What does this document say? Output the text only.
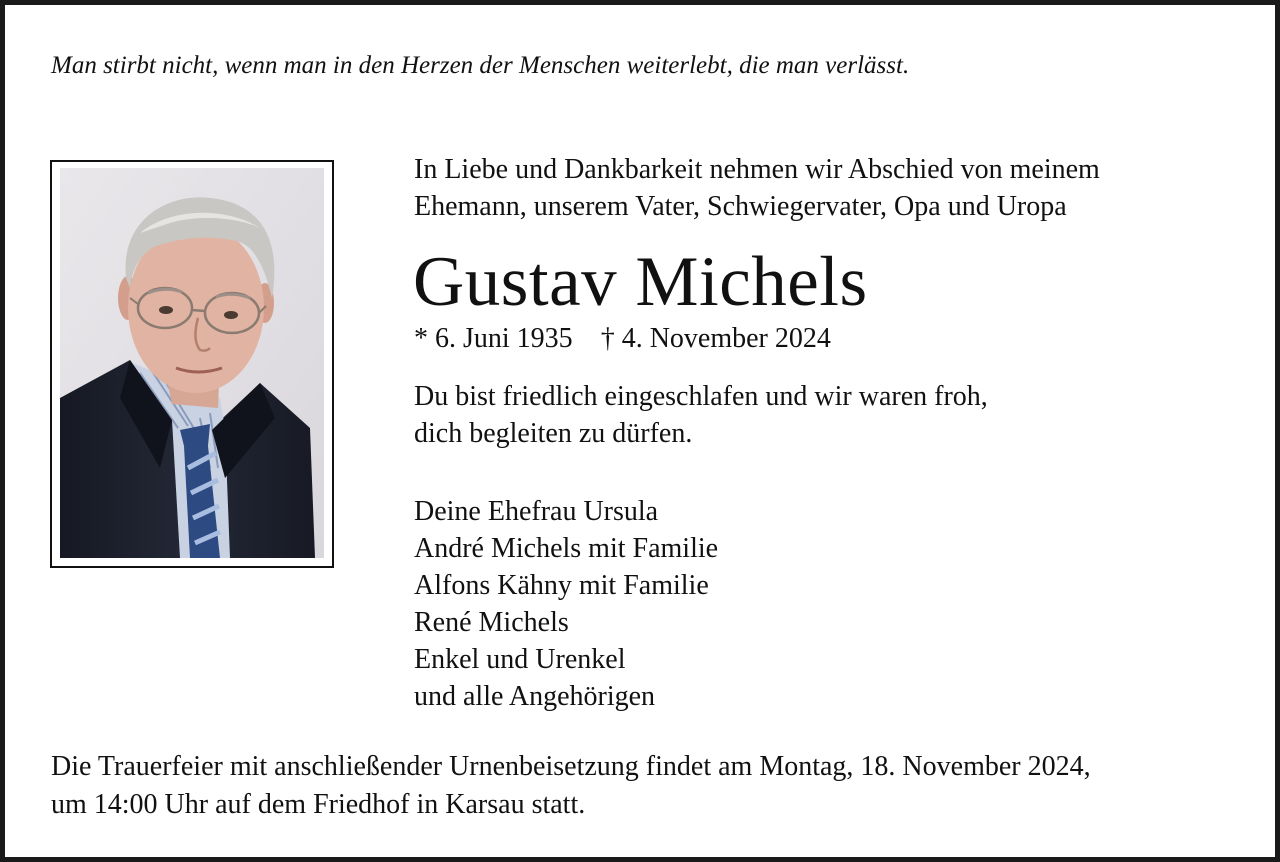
Man stirbt nicht, wenn man in den Herzen der Menschen weiterlebt, die man verlässt.
In Liebe und Dankbarkeit nehmen wir Abschied von meinem
Ehemann, unserem Vater, Schwiegervater, Opa und Uropa
Gustav Michels
* 6. Juni 1935 † 4. November 2024
Du bist friedlich eingeschlafen und wir waren froh,
dich begleiten zu dürfen.
Deine Ehefrau Ursula
André Michels mit Familie
Alfons Kähny mit Familie
René Michels
Enkel und Urenkel
und alle Angehörigen
Die Trauerfeier mit anschließender Urnenbeisetzung findet am Montag, 18. November 2024,
um 14:00 Uhr auf dem Friedhof in Karsau statt.
